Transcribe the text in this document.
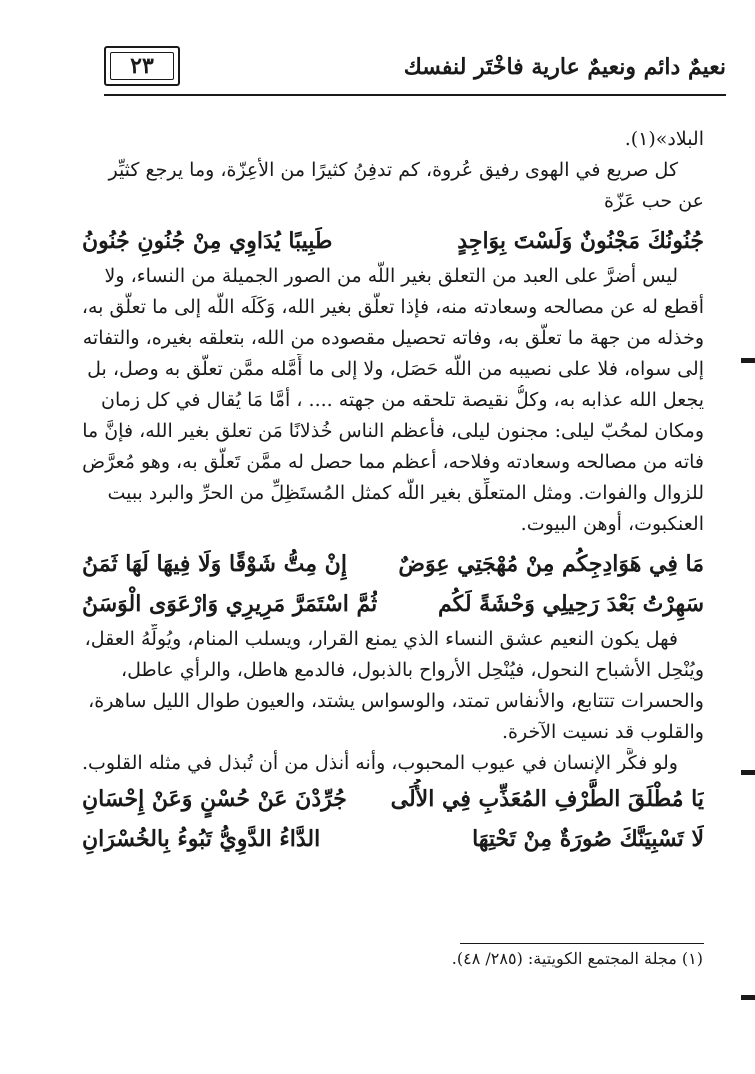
٢٣	نعيمٌ دائم ونعيمٌ عارية فاخْتَر لنفسك
البلاد»(١).
كل صريع في الهوى رفيق عُروة، كم تدفِنُ كثيرًا من الأعِزّة، وما يرجع كثيِّر
عن حب عَزّة
جُنُونُكَ مَجْنُونٌ وَلَسْتَ بِوَاجِدٍ
طَبِيبًا يُدَاوِي مِنْ جُنُونِ جُنُونُ
ليس أضرَّ على العبد من التعلق بغير اللَّه من الصور الجميلة من النساء، ولا
أقطع له عن مصالحه وسعادته منه، فإذا تعلَّق بغير الله، وَكَلَه اللَّه إلى ما تعلَّق به،
وخذله من جهة ما تعلَّق به، وفاته تحصيل مقصوده من الله، بتعلقه بغيره، والتفاته
إلى سواه، فلا على نصيبه من اللَّه حَصَل، ولا إلى ما أَمَّله ممَّن تعلَّق به وصل، بل
يجعل الله عذابه به، وكلُّ نقيصة تلحقه من جهته .... ، أمَّا مَا يُقال في كل زمان
ومكان لمحُبّ ليلى: مجنون ليلى، فأعظم الناس خُذلانًا مَن تعلق بغير الله، فإنَّ ما
فاته من مصالحه وسعادته وفلاحه، أعظم مما حصل له ممَّن تَعلَّق به، وهو مُعرَّض
للزوال والفوات. ومثل المتعلِّق بغير اللَّه كمثل المُستَظِلِّ من الحرِّ والبرد ببيت
العنكبوت، أوهن البيوت.
مَا فِي هَوَادِجِكُم مِنْ مُهْجَتِي عِوَضٌ
إِنْ مِتُّ شَوْقًا وَلَا فِيهَا لَهَا ثَمَنُ
سَهِرْتُ بَعْدَ رَحِيلِي وَحْشَةً لَكُم
ثُمَّ اسْتَمَرَّ مَرِيرِي وَارْعَوَى الْوَسَنُ
فهل يكون النعيم عشق النساء الذي يمنع القرار، ويسلب المنام، ويُولِّهُ العقل،
ويُنْحِل الأشباح النحول، فيُنْحِل الأرواح بالذبول، فالدمع هاطل، والرأي عاطل،
والحسرات تتتابع، والأنفاس تمتد، والوسواس يشتد، والعيون طوال الليل ساهرة،
والقلوب قد نسيت الآخرة.
ولو فكَّر الإنسان في عيوب المحبوب، وأنه أنذل من أن تُبذل في مثله القلوب.
يَا مُطْلَقَ الطَّرْفِ المُعَذِّبِ فِي الأُلَى
جُرِّدْنَ عَنْ حُسْنٍ وَعَنْ إِحْسَانِ
لَا تَسْبِيَنَّكَ صُورَةٌ مِنْ تَحْتِهَا
الدَّاءُ الدَّوِيُّ تَبُوءُ بِالخُسْرَانِ
(١) مجلة المجتمع الكويتية: (٢٨٥/ ٤٨).
